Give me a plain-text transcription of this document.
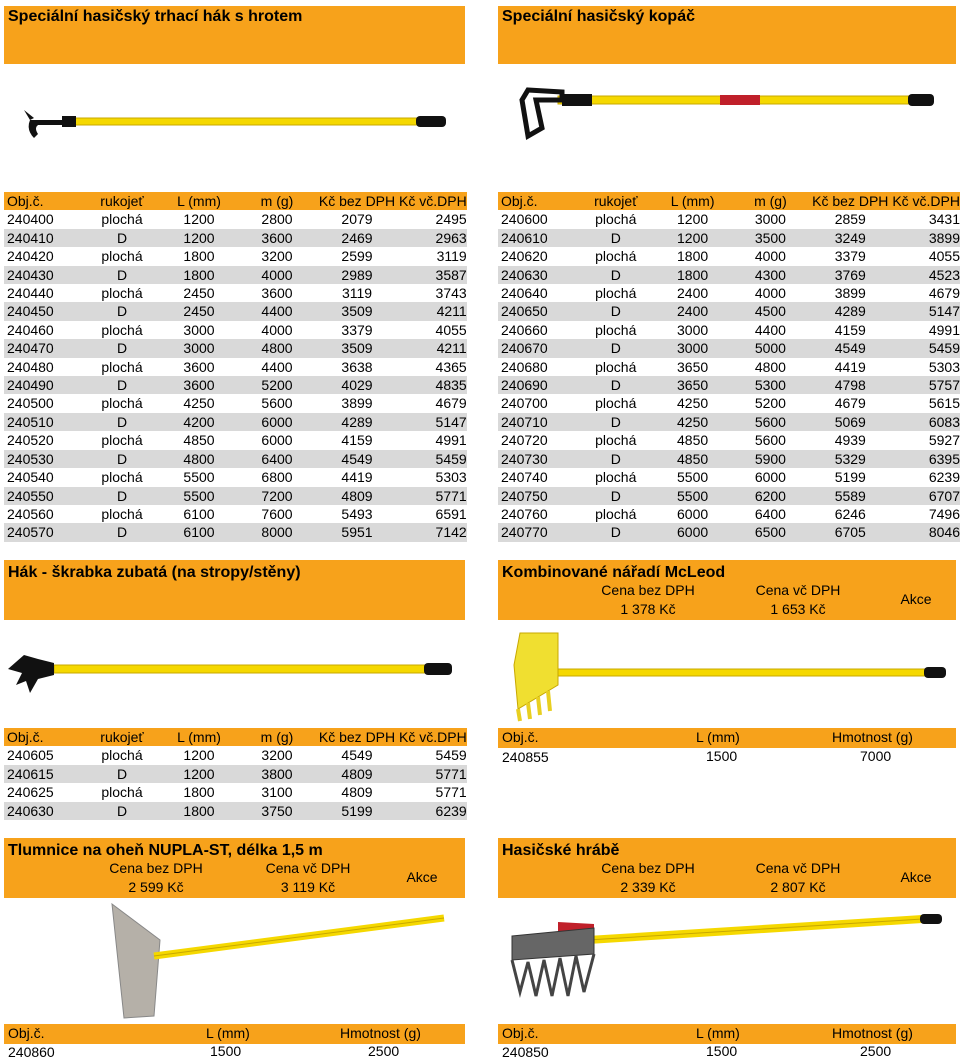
Speciální hasičský trhací hák s hrotem
Obj.č.	rukojeť	L (mm)	m (g)	Kč bez DPH	Kč vč.DPH
240400	plochá	1200	2800	2079	2495
240410	D	1200	3600	2469	2963
240420	plochá	1800	3200	2599	3119
240430	D	1800	4000	2989	3587
240440	plochá	2450	3600	3119	3743
240450	D	2450	4400	3509	4211
240460	plochá	3000	4000	3379	4055
240470	D	3000	4800	3509	4211
240480	plochá	3600	4400	3638	4365
240490	D	3600	5200	4029	4835
240500	plochá	4250	5600	3899	4679
240510	D	4200	6000	4289	5147
240520	plochá	4850	6000	4159	4991
240530	D	4800	6400	4549	5459
240540	plochá	5500	6800	4419	5303
240550	D	5500	7200	4809	5771
240560	plochá	6100	7600	5493	6591
240570	D	6100	8000	5951	7142
Speciální hasičský kopáč
Obj.č.	rukojeť	L (mm)	m (g)	Kč bez DPH	Kč vč.DPH
240600	plochá	1200	3000	2859	3431
240610	D	1200	3500	3249	3899
240620	plochá	1800	4000	3379	4055
240630	D	1800	4300	3769	4523
240640	plochá	2400	4000	3899	4679
240650	D	2400	4500	4289	5147
240660	plochá	3000	4400	4159	4991
240670	D	3000	5000	4549	5459
240680	plochá	3650	4800	4419	5303
240690	D	3650	5300	4798	5757
240700	plochá	4250	5200	4679	5615
240710	D	4250	5600	5069	6083
240720	plochá	4850	5600	4939	5927
240730	D	4850	5900	5329	6395
240740	plochá	5500	6000	5199	6239
240750	D	5500	6200	5589	6707
240760	plochá	6000	6400	6246	7496
240770	D	6000	6500	6705	8046
Hák - škrabka zubatá (na stropy/stěny)
Obj.č.	rukojeť	L (mm)	m (g)	Kč bez DPH	Kč vč.DPH
240605	plochá	1200	3200	4549	5459
240615	D	1200	3800	4809	5771
240625	plochá	1800	3100	4809	5771
240630	D	1800	3750	5199	6239
Kombinované nářadí McLeod
Cena bez DPH	Cena vč DPH
Akce
1 378 Kč	1 653 Kč
Obj.č.	L (mm)	Hmotnost (g)
240855	1500	7000
Tlumnice na oheň NUPLA-ST, délka 1,5 m
Cena bez DPH	Cena vč DPH
Akce
2 599 Kč	3 119 Kč
Obj.č.	L (mm)	Hmotnost (g)
240860	1500	2500
Hasičské hrábě
Cena bez DPH	Cena vč DPH
Akce
2 339 Kč	2 807 Kč
Obj.č.	L (mm)	Hmotnost (g)
240850	1500	2500
